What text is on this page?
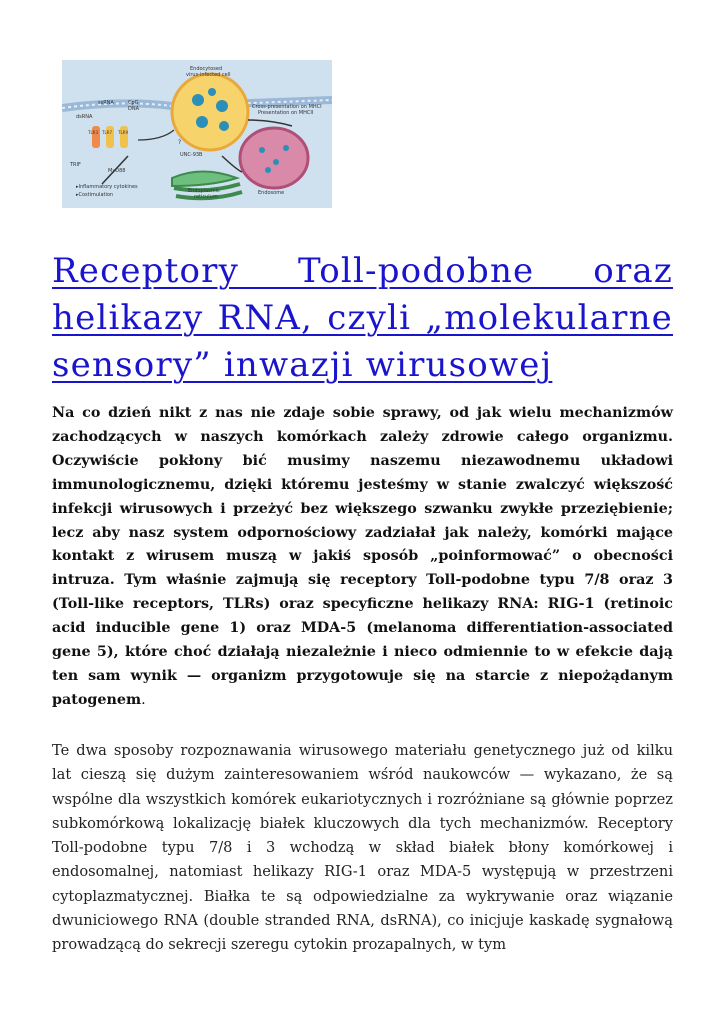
Endocytosed
virus-infected cell
ssRNA	CpG
DNA
dsRNA
TLR3 TLR7 TLR9
TRIF
MyD88
UNC-93B
Cross-presentation on MHCI
Presentation on MHCII
Endosome
Endoplasmic
reticulum
▸Inflammatory cytokines
▸Costimulation
?
Receptory Toll-podobne oraz helikazy RNA, czyli „molekularne sensory” inwazji wirusowej

Na co dzień nikt z nas nie zdaje sobie sprawy, od jak wielu mechanizmów zachodzących w naszych komórkach zależy zdrowie całego organizmu. Oczywiście pokłony bić musimy naszemu niezawodnemu układowi immunologicznemu, dzięki któremu jesteśmy w stanie zwalczyć większość infekcji wirusowych i przeżyć bez większego szwanku zwykłe przeziębienie; lecz aby nasz system odpornościowy zadziałał jak należy, komórki mające kontakt z wirusem muszą w jakiś sposób „poinformować” o obecności intruza. Tym właśnie zajmują się receptory Toll-podobne typu 7/8 oraz 3 (Toll-like receptors, TLRs) oraz specyficzne helikazy RNA: RIG-1 (retinoic acid inducible gene 1) oraz MDA-5 (melanoma differentiation-associated gene 5), które choć działają niezależnie i nieco odmiennie to w efekcie dają ten sam wynik — organizm przygotowuje się na starcie z niepożądanym patogenem.

Te dwa sposoby rozpoznawania wirusowego materiału genetycznego już od kilku lat cieszą się dużym zainteresowaniem wśród naukowców — wykazano, że są wspólne dla wszystkich komórek eukariotycznych i rozróżniane są głównie poprzez subkomórkową lokalizację białek kluczowych dla tych mechanizmów. Receptory Toll-podobne typu 7/8 i 3 wchodzą w skład białek błony komórkowej i endosomalnej, natomiast helikazy RIG-1 oraz MDA-5 występują w przestrzeni cytoplazmatycznej. Białka te są odpowiedzialne za wykrywanie oraz wiązanie dwuniciowego RNA (double stranded RNA, dsRNA), co inicjuje kaskadę sygnałową prowadzącą do sekrecji szeregu cytokin prozapalnych, w tym
